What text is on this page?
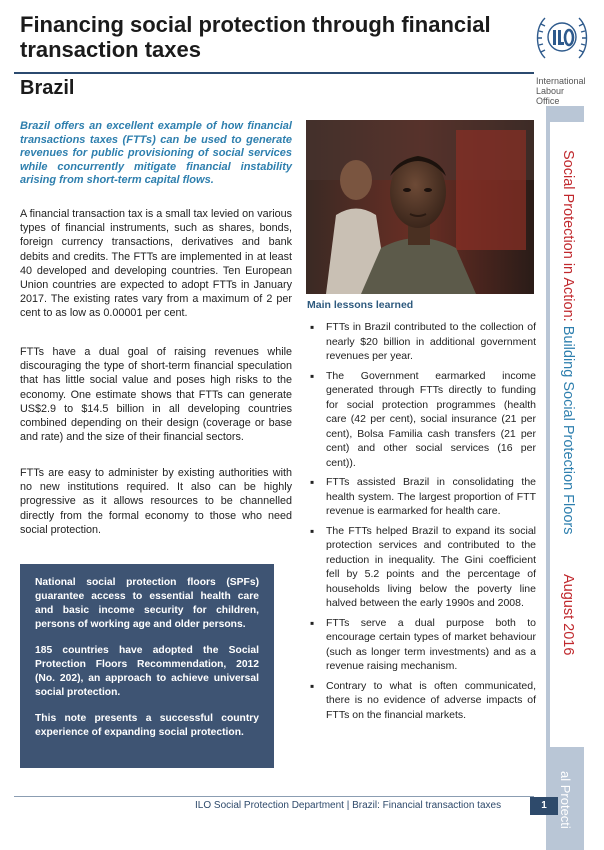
Financing social protection through financial transaction taxes
Brazil	International
Labour
Office

Brazil offers an excellent example of how financial transactions taxes (FTTs) can be used to generate revenues for public provisioning of social services while concurrently mitigate financial instability arising from short-term capital flows.

A financial transaction tax is a small tax levied on various types of financial instruments, such as shares, bonds, foreign currency transactions, derivatives and bank debits and credits. The FTTs are implemented in at least 40 developed and developing countries. Ten European Union countries are expected to adopt FTTs in January 2017. The existing rates vary from a maximum of 2 per cent to as low as 0.00001 per cent.

FTTs have a dual goal of raising revenues while discouraging the type of short-term financial speculation that has little social value and poses high risks to the economy. One estimate shows that FTTs can generate US$2.9 to $14.5 billion in all developing countries combined depending on their design (coverage or base and rate) and the size of their financial sectors.

FTTs are easy to administer by existing authorities with no new institutions required. It also can be highly progressive as it allows resources to be channelled directly from the formal economy to those who need social protection.

National social protection floors (SPFs) guarantee access to essential health care and basic income security for children, persons of working age and older persons.

185 countries have adopted the Social Protection Floors Recommendation, 2012 (No. 202), an approach to achieve universal social protection.

This note presents a successful country experience of expanding social protection.

Main lessons learned
▪ FTTs in Brazil contributed to the collection of nearly $20 billion in additional government revenues per year.
▪ The Government earmarked income generated through FTTs directly to funding for social protection programmes (health care (42 per cent), social insurance (21 per cent), Bolsa Familia cash transfers (21 per cent) and other social services (16 per cent)).
▪ FTTs assisted Brazil in consolidating the health system. The largest proportion of FTT revenue is earmarked for health care.
▪ The FTTs helped Brazil to expand its social protection services and contributed to the reduction in inequality. The Gini coefficient fell by 5.2 points and the percentage of households living below the poverty line halved between the early 1990s and 2008.
▪ FTTs serve a dual purpose both to encourage certain types of market behaviour (such as longer term investments) and as a revenue raising mechanism.
▪ Contrary to what is often communicated, there is no evidence of adverse impacts of FTTs on the financial markets.
Social Protection in Action: Building Social Protection FloorsAugust 2016
al Protecti

ILO Social Protection Department | Brazil: Financial transaction taxes	1
